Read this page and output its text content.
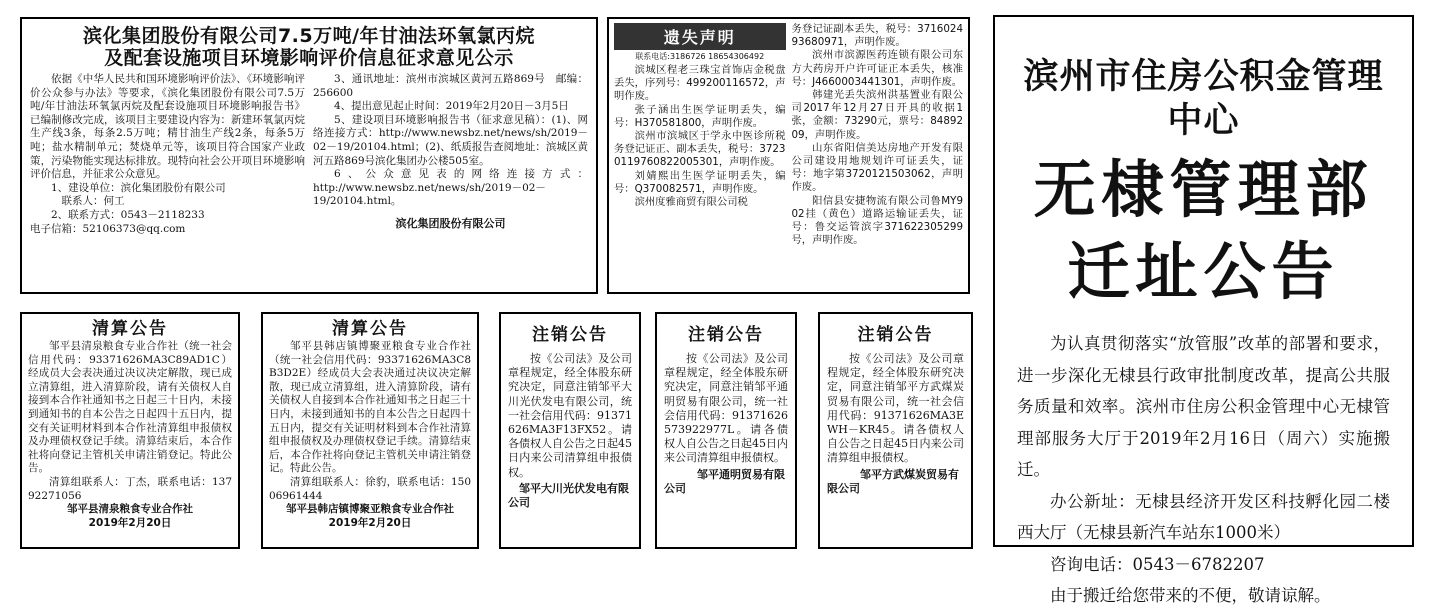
滨化集团股份有限公司7.5万吨/年甘油法环氧氯丙烷
及配套设施项目环境影响评价信息征求意见公示

依据《中华人民共和国环境影响评价法》、《环境影响评价公众参与办法》等要求，《滨化集团股份有限公司7.5万吨/年甘油法环氧氯丙烷及配套设施项目环境影响报告书》已编制修改完成，该项目主要建设内容为：新建环氧氯丙烷生产线3条，每条2.5万吨；精甘油生产线2条，每条5万吨；盐水精制单元；焚烧单元等，该项目符合国家产业政策，污染物能实现达标排放。现特向社会公开项目环境影响评价信息，并征求公众意见。

1、建设单位：滨化集团股份有限公司

联系人：何工

2、联系方式：0543－2118233

电子信箱：52106373@qq.com

3、通讯地址：滨州市滨城区黄河五路869号　邮编：256600

4、提出意见起止时间：2019年2月20日－3月5日

5、建设项目环境影响报告书（征求意见稿）：(1)、网络连接方式：http://www.newsbz.net/news/sh/2019－02－19/20104.html；(2)、纸质报告查阅地址：滨城区黄河五路869号滨化集团办公楼505室。

6、公众意见表的网络连接方式：http://www.newsbz.net/news/sh/2019－02－19/20104.html。

滨化集团股份有限公司
遗失声明
联系电话:3186726 18654306492

滨城区程老三珠宝首饰店金税盘丢失，序列号：499200116572，声明作废。

张子涵出生医学证明丢失，编号：H370581800，声明作废。

滨州市滨城区于学永中医诊所税务登记证正、副本丢失，税号：372301197608220053​01，声明作废。

刘婧熙出生医学证明丢失，编号：Q370082571，声明作废。

滨州度雅商贸有限公司税

务登记证副本丢失，税号：371602493680971，声明作废。

滨州市滨源医药连锁有限公司东方大药房开户许可证正本丢失，核准号：J4660003441301，声明作废。

韩建光丢失滨州洪基置业有限公司2017年12月27日开具的收据1张，金额：73290元，票号：8489209，声明作废。

山东省阳信美达房地产开发有限公司建设用地规划许可证丢失，证号：地字第3720121503062，声明作废。

阳信县安捷物流有限公司鲁MY902挂（黄色）道路运输证丢失，证号：鲁交运管滨字371622305299号，声明作废。

滨州市住房公积金管理中心
无棣管理部
迁址公告

为认真贯彻落实“放管服”改革的部署和要求，进一步深化无棣县行政审批制度改革，提高公共服务质量和效率。滨州市住房公积金管理中心无棣管理部服务大厅于2019年2月16日（周六）实施搬迁。

办公新址：无棣县经济开发区科技孵化园二楼西大厅（无棣县新汽车站东1000米）

咨询电话：0543－6782207

由于搬迁给您带来的不便，敬请谅解。

清算公告

邹平县清泉粮食专业合作社（统一社会信用代码：93371626MA3C89AD1C）经成员大会表决通过决议决定解散，现已成立清算组，进入清算阶段，请有关债权人自接到本合作社通知书之日起三十日内，未接到通知书的自本公告之日起四十五日内，提交有关证明材料到本合作社清算组申报债权及办理债权登记手续。清算结束后，本合作社将向登记主管机关申请注销登记。特此公告。

清算组联系人：丁杰，联系电话：13792271056

邹平县清泉粮食专业合作社
2019年2月20日
清算公告

邹平县韩店镇博聚亚粮食专业合作社（统一社会信用代码：93371626MA3C8B3D2E）经成员大会表决通过决议决定解散，现已成立清算组，进入清算阶段，请有关债权人自接到本合作社通知书之日起三十日内，未接到通知书的自本公告之日起四十五日内，提交有关证明材料到本合作社清算组申报债权及办理债权登记手续。清算结束后，本合作社将向登记主管机关申请注销登记。特此公告。

清算组联系人：徐豹，联系电话：15006961444

邹平县韩店镇博聚亚粮食专业合作社
2019年2月20日
注销公告

按《公司法》及公司章程规定，经全体股东研究决定，同意注销邹平大川光伏发电有限公司，统一社会信用代码：91371626MA3F13FX52。请各债权人自公告之日起45日内来公司清算组申报债权。

邹平大川光伏发电有限公司
注销公告

按《公司法》及公司章程规定，经全体股东研究决定，同意注销邹平通明贸易有限公司，统一社会信用代码：91371626573922977L。请各债权人自公告之日起45日内来公司清算组申报债权。

邹平通明贸易有限公司
注销公告

按《公司法》及公司章程规定，经全体股东研究决定，同意注销邹平方武煤炭贸易有限公司，统一社会信用代码：91371626MA3EWH－KR45。请各债权人自公告之日起45日内来公司清算组申报债权。

邹平方武煤炭贸易有限公司
